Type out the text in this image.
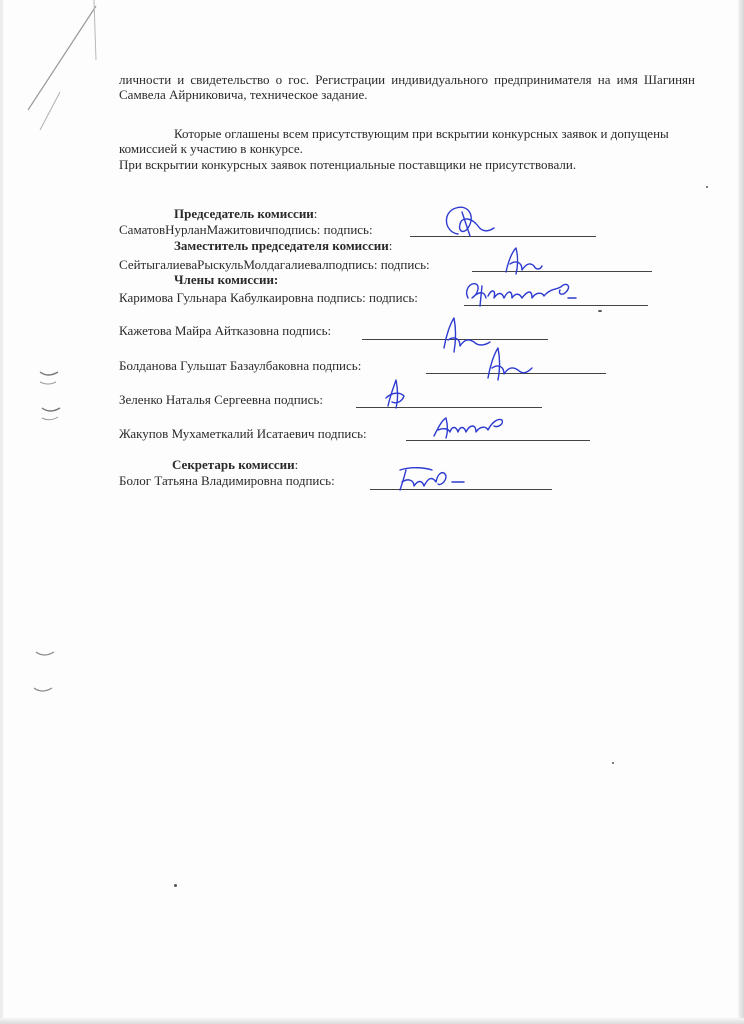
личности и свидетельство о гос. Регистрации индивидуального предпринимателя на имя Шагинян Самвела Айрниковича, техническое задание.
Которые оглашены всем присутствующим при вскрытии конкурсных заявок и допущены комиссией к участию в конкурсе.
При вскрытии конкурсных заявок потенциальные поставщики не присутствовали.
Председатель комиссии:
СаматовНурланМажитовичподпись: подпись:
Заместитель председателя комиссии:
СейтыгалиеваРыскульМолдагалиевалподпись: подпись:
Члены комиссии:
Каримова Гульнара Кабулкаировна подпись: подпись:
Кажетова Майра Айтказовна подпись:
Болданова Гульшат Базаулбаковна подпись:
Зеленко Наталья Сергеевна подпись:
Жакупов Мухаметкалий Исатаевич подпись:
Секретарь комиссии:
Болог Татьяна Владимировна подпись:
